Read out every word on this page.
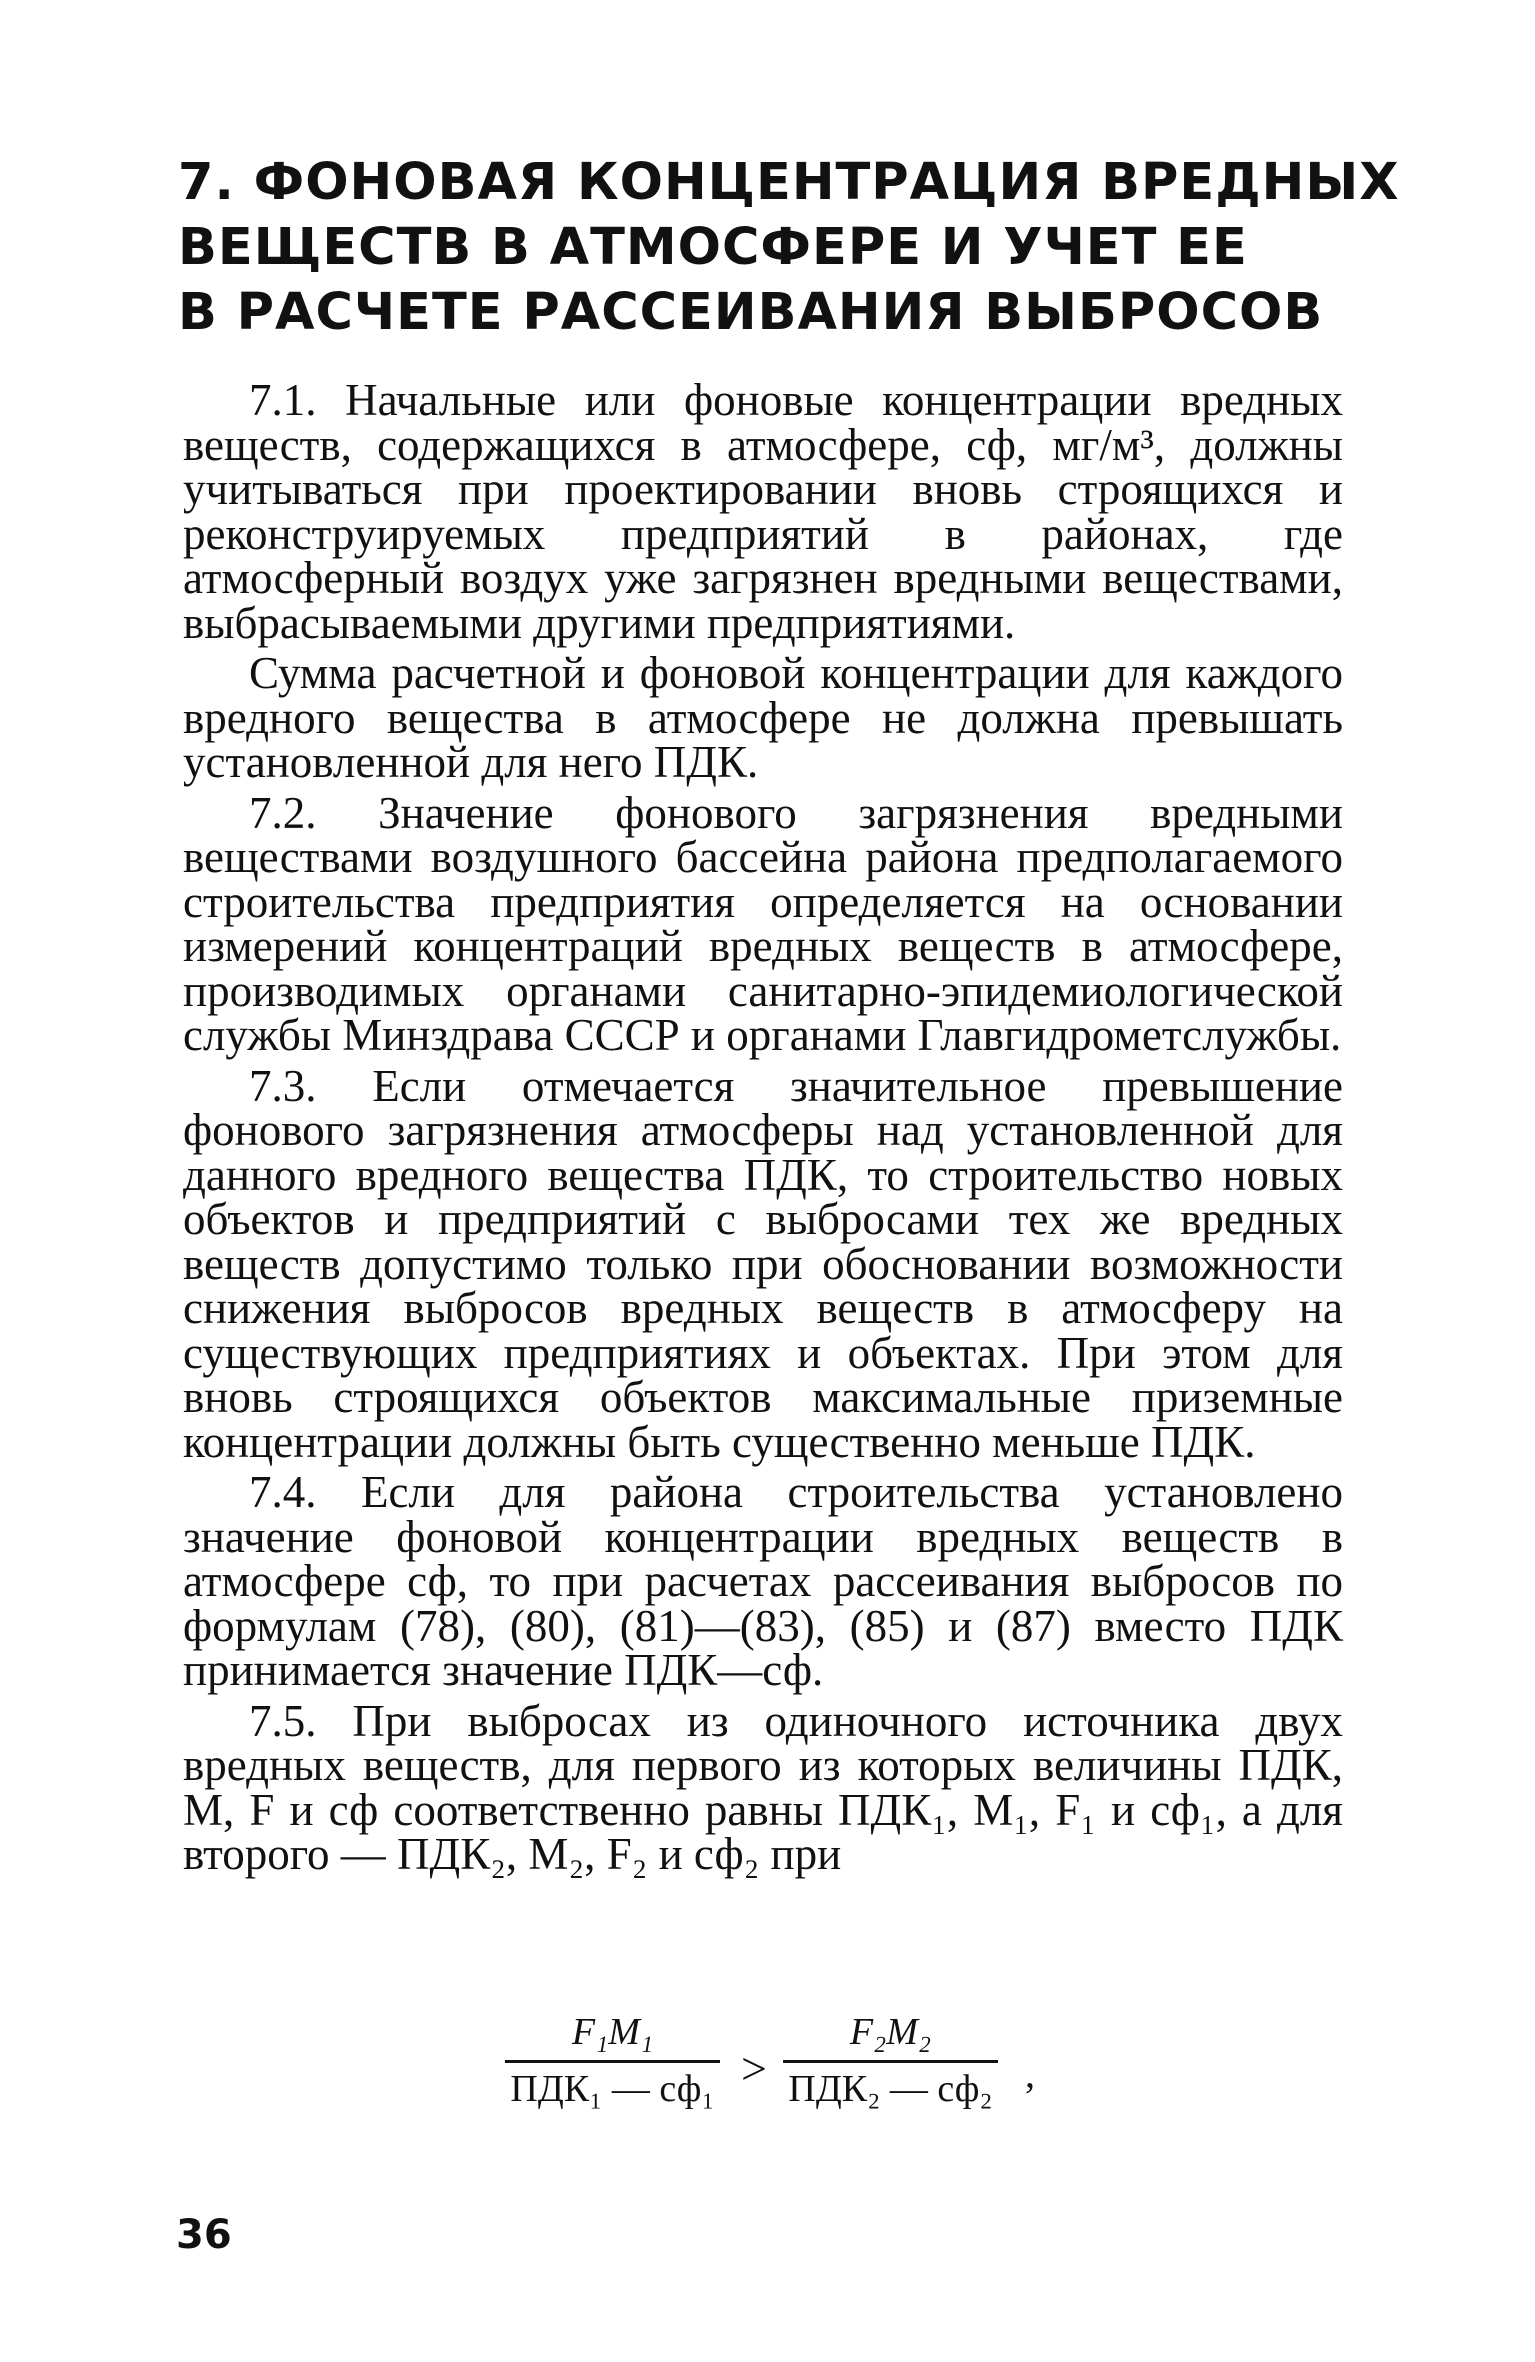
7. ФОНОВАЯ КОНЦЕНТРАЦИЯ ВРЕДНЫХ
ВЕЩЕСТВ В АТМОСФЕРЕ И УЧЕТ ЕЕ
В РАСЧЕТЕ РАССЕИВАНИЯ ВЫБРОСОВ

7.1. Начальные или фоновые концентрации вредных веществ, содержащихся в атмосфере, сф, мг/м³, должны учитываться при проектировании вновь строящихся и реконструируемых предприятий в районах, где атмосферный воздух уже загрязнен вредными веществами, выбрасываемыми другими предприятиями.

Сумма расчетной и фоновой концентрации для каждого вредного вещества в атмосфере не должна превышать установленной для него ПДК.

7.2. Значение фонового загрязнения вредными веществами воздушного бассейна района предполагаемого строительства предприятия определяется на основании измерений концентраций вредных веществ в атмосфере, производимых органами санитарно-эпидемиологической службы Минздрава СССР и органами Главгидрометслужбы.

7.3. Если отмечается значительное превышение фонового загрязнения атмосферы над установленной для данного вредного вещества ПДК, то строительство новых объектов и предприятий с выбросами тех же вредных веществ допустимо только при обосновании возможности снижения выбросов вредных веществ в атмосферу на существующих предприятиях и объектах. При этом для вновь строящихся объектов максимальные приземные концентрации должны быть существенно меньше ПДК.

7.4. Если для района строительства установлено значение фоновой концентрации вредных веществ в атмосфере сф, то при расчетах рассеивания выбросов по формулам (78), (80), (81)—(83), (85) и (87) вместо ПДК принимается значение ПДК—сф.

7.5. При выбросах из одиночного источника двух вредных веществ, для первого из которых величины ПДК, M, F и сф соответственно равны ПДК₁, M₁, F₁ и сф₁, а для второго — ПДК₂, M₂, F₂ и сф₂ при

F₁M₁
ПДК₁ — сф₁ >
F₂M₂
ПДК₂ — сф₂ ,
36
